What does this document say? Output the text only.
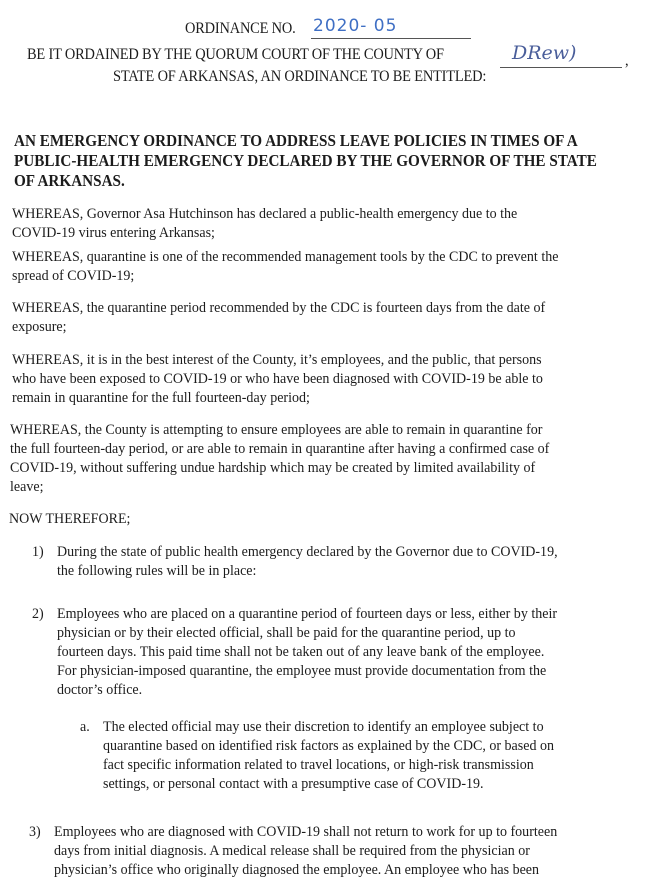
ORDINANCE NO. 2020- 05
BE IT ORDAINED BY THE QUORUM COURT OF THE COUNTY OF	DRew)	,
STATE OF ARKANSAS, AN ORDINANCE TO BE ENTITLED:
AN EMERGENCY ORDINANCE TO ADDRESS LEAVE POLICIES IN TIMES OF A
PUBLIC-HEALTH EMERGENCY DECLARED BY THE GOVERNOR OF THE STATE
OF ARKANSAS.
WHEREAS, Governor Asa Hutchinson has declared a public-health emergency due to the
COVID-19 virus entering Arkansas;
WHEREAS, quarantine is one of the recommended management tools by the CDC to prevent the
spread of COVID-19;
WHEREAS, the quarantine period recommended by the CDC is fourteen days from the date of
exposure;
WHEREAS, it is in the best interest of the County, it’s employees, and the public, that persons
who have been exposed to COVID-19 or who have been diagnosed with COVID-19 be able to
remain in quarantine for the full fourteen-day period;
WHEREAS, the County is attempting to ensure employees are able to remain in quarantine for
the full fourteen-day period, or are able to remain in quarantine after having a confirmed case of
COVID-19, without suffering undue hardship which may be created by limited availability of
leave;
NOW THEREFORE;
1) During the state of public health emergency declared by the Governor due to COVID-19,
the following rules will be in place:
2) Employees who are placed on a quarantine period of fourteen days or less, either by their
physician or by their elected official, shall be paid for the quarantine period, up to
fourteen days. This paid time shall not be taken out of any leave bank of the employee.
For physician-imposed quarantine, the employee must provide documentation from the
doctor’s office.
a. The elected official may use their discretion to identify an employee subject to
quarantine based on identified risk factors as explained by the CDC, or based on
fact specific information related to travel locations, or high-risk transmission
settings, or personal contact with a presumptive case of COVID-19.
3) Employees who are diagnosed with COVID-19 shall not return to work for up to fourteen
days from initial diagnosis. A medical release shall be required from the physician or
physician’s office who originally diagnosed the employee. An employee who has been
